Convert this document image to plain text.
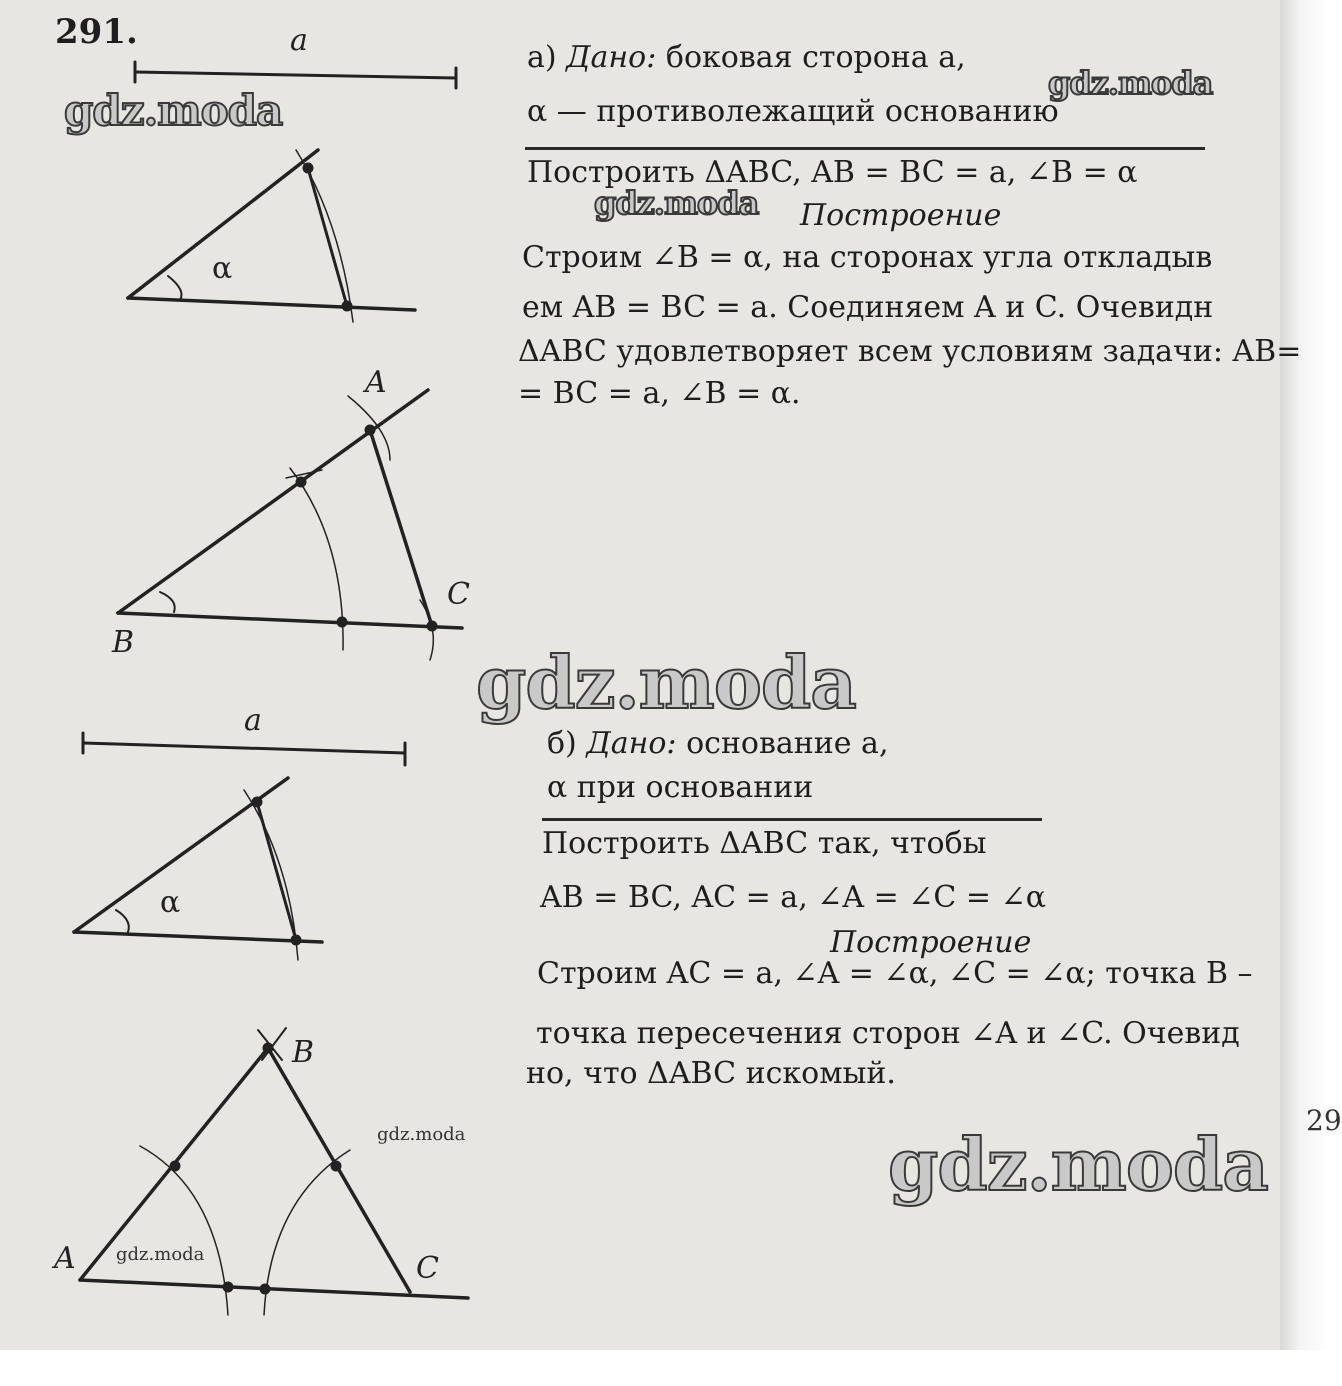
291.	a
α
A
B
C
a
α
B
A	C
а) Дано: боковая сторона a,
α — противолежащий основанию
Построить ΔABC, AB = BC = a, ∠B = α
Построение
Строим ∠B = α, на сторонах угла откладыв
ем AB = BC = a. Соединяем A и C. Очевидн
ΔABC удовлетворяет всем условиям задачи: AB=
= BC = a, ∠B = α.
б) Дано: основание a,
α при основании
Построить ΔABC так, чтобы
AB = BC, AC = a, ∠A = ∠C = ∠α
Построение
Строим AC = a, ∠A = ∠α, ∠C = ∠α; точка B –
точка пересечения сторон ∠A и ∠C. Очевид
но, что ΔABC искомый.
29
gdz.moda
gdz.moda
gdz.moda
gdz.moda
gdz.moda
gdz.moda
gdz.moda
